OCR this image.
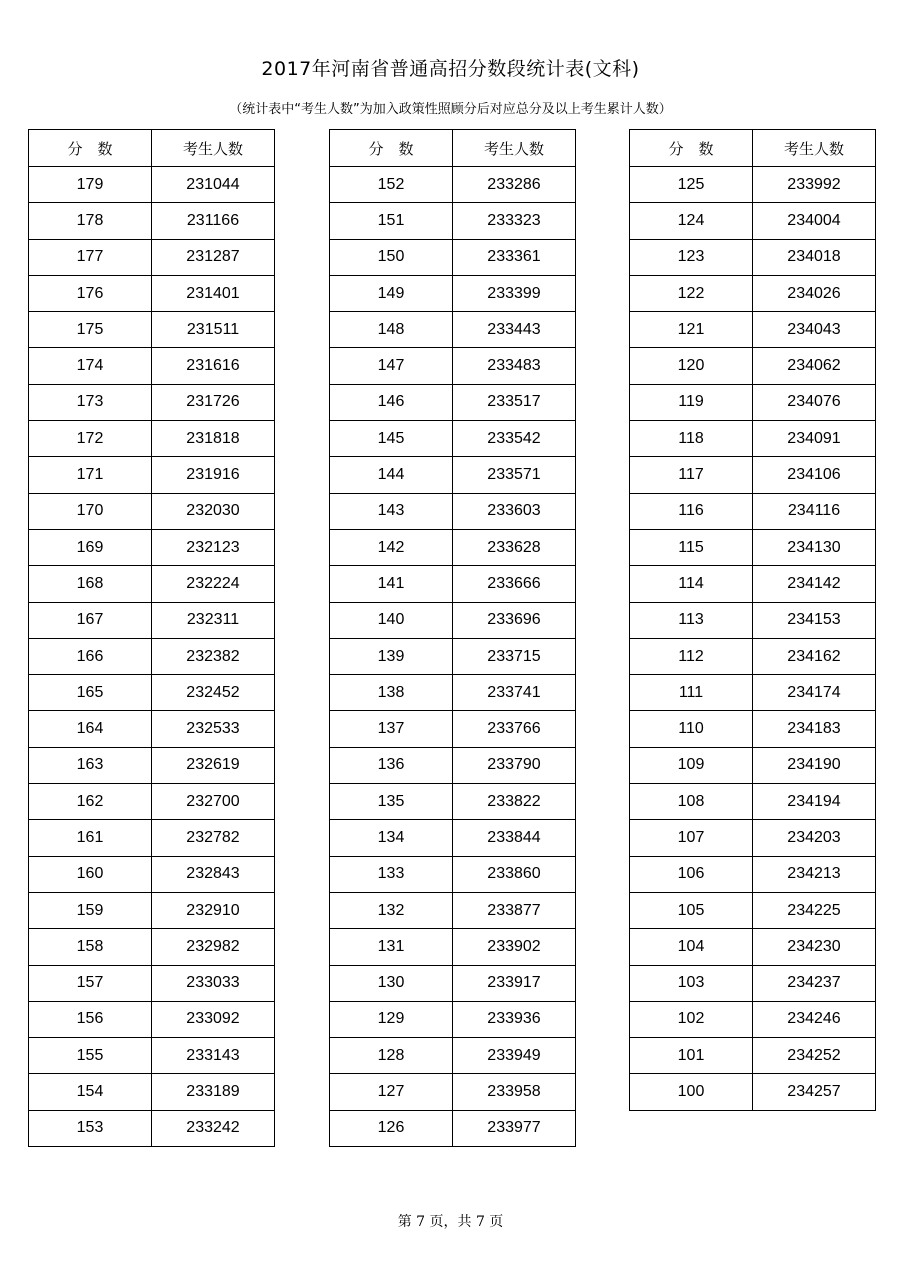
2017年河南省普通高招分数段统计表(文科)
（统计表中“考生人数”为加入政策性照顾分后对应总分及以上考生累计人数）
分　数	考生人数
179	231044
178	231166
177	231287
176	231401
175	231511
174	231616
173	231726
172	231818
171	231916
170	232030
169	232123
168	232224
167	232311
166	232382
165	232452
164	232533
163	232619
162	232700
161	232782
160	232843
159	232910
158	232982
157	233033
156	233092
155	233143
154	233189
153	233242
分　数	考生人数
152	233286
151	233323
150	233361
149	233399
148	233443
147	233483
146	233517
145	233542
144	233571
143	233603
142	233628
141	233666
140	233696
139	233715
138	233741
137	233766
136	233790
135	233822
134	233844
133	233860
132	233877
131	233902
130	233917
129	233936
128	233949
127	233958
126	233977
分　数	考生人数
125	233992
124	234004
123	234018
122	234026
121	234043
120	234062
119	234076
118	234091
117	234106
116	234116
115	234130
114	234142
113	234153
112	234162
111	234174
110	234183
109	234190
108	234194
107	234203
106	234213
105	234225
104	234230
103	234237
102	234246
101	234252
100	234257
第 7 页，共 7 页
